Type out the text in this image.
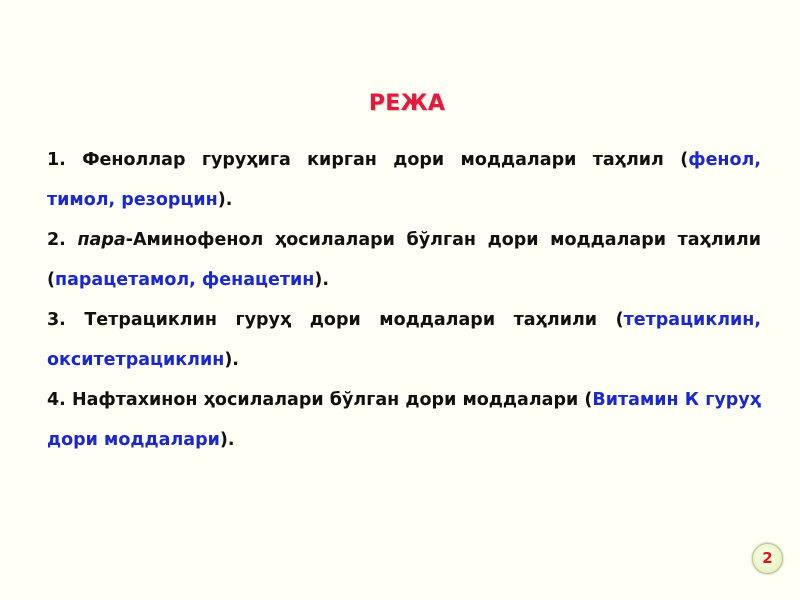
РЕЖА

1. Феноллар гуруҳига кирган дори моддалари таҳлил (фенол, тимол, резорцин).

2. пара-Аминофенол ҳосилалари бўлган дори моддалари таҳлили (парацетамол, фенацетин).

3. Тетрациклин гуруҳ дори моддалари таҳлили (тетрациклин, окситетрациклин).

4. Нафтахинон ҳосилалари бўлган дори моддалари (Витамин К гуруҳ дори моддалари).

2
